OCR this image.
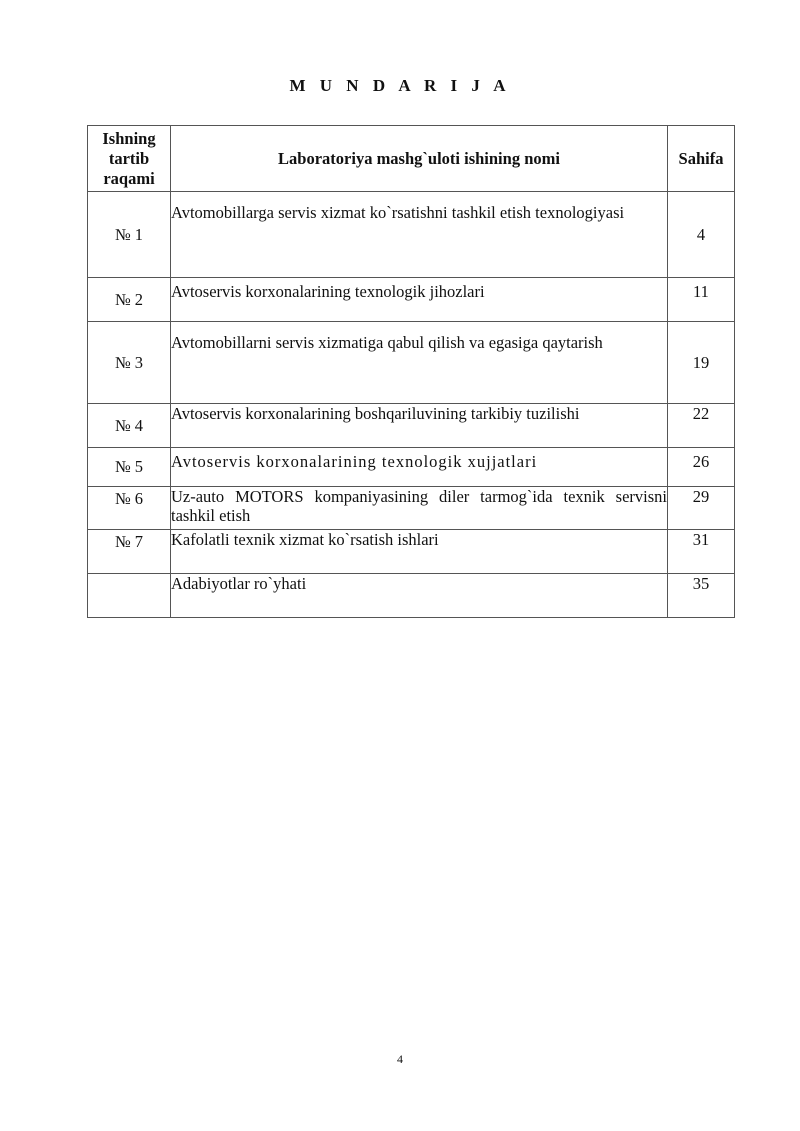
M U N D A R I J A
Ishning
tartib
raqami	Laboratoriya mashg`uloti ishining nomi	Sahifa
№ 1	Avtomobillarga servis xizmat ko`rsatishni tashkil etish texnologiyasi	4
№ 2	Avtoservis korxonalarining texnologik jihozlari	11
№ 3	Avtomobillarni servis xizmatiga qabul qilish va egasiga qaytarish	19
№ 4	Avtoservis korxonalarining boshqariluvining tarkibiy tuzilishi	22
№ 5	Avtoservis korxonalarining texnologik xujjatlari	26
№ 6	Uz-auto MOTORS kompaniyasining diler tarmog`ida texnik servisni tashkil etish	29
№ 7	Kafolatli texnik xizmat ko`rsatish ishlari	31
	Adabiyotlar ro`yhati	35
4
